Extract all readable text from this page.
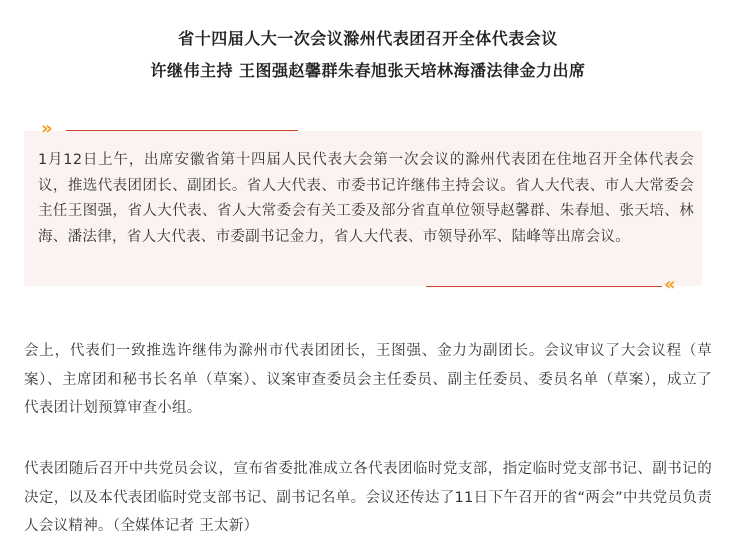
省十四届人大一次会议滁州代表团召开全体代表会议
许继伟主持 王图强赵馨群朱春旭张天培林海潘法律金力出席
»
1月12日上午，出席安徽省第十四届人民代表大会第一次会议的滁州代表团在住地召开全体代表会议，推选代表团团长、副团长。省人大代表、市委书记许继伟主持会议。省人大代表、市人大常委会主任王图强，省人大代表、省人大常委会有关工委及部分省直单位领导赵馨群、朱春旭、张天培、林海、潘法律，省人大代表、市委副书记金力，省人大代表、市领导孙军、陆峰等出席会议。
«
会上，代表们一致推选许继伟为滁州市代表团团长，王图强、金力为副团长。会议审议了大会议程（草案）、主席团和秘书长名单（草案）、议案审查委员会主任委员、副主任委员、委员名单（草案），成立了代表团计划预算审查小组。
代表团随后召开中共党员会议，宣布省委批准成立各代表团临时党支部，指定临时党支部书记、副书记的决定，以及本代表团临时党支部书记、副书记名单。会议还传达了11日下午召开的省“两会”中共党员负责人会议精神。（全媒体记者 王太新）
